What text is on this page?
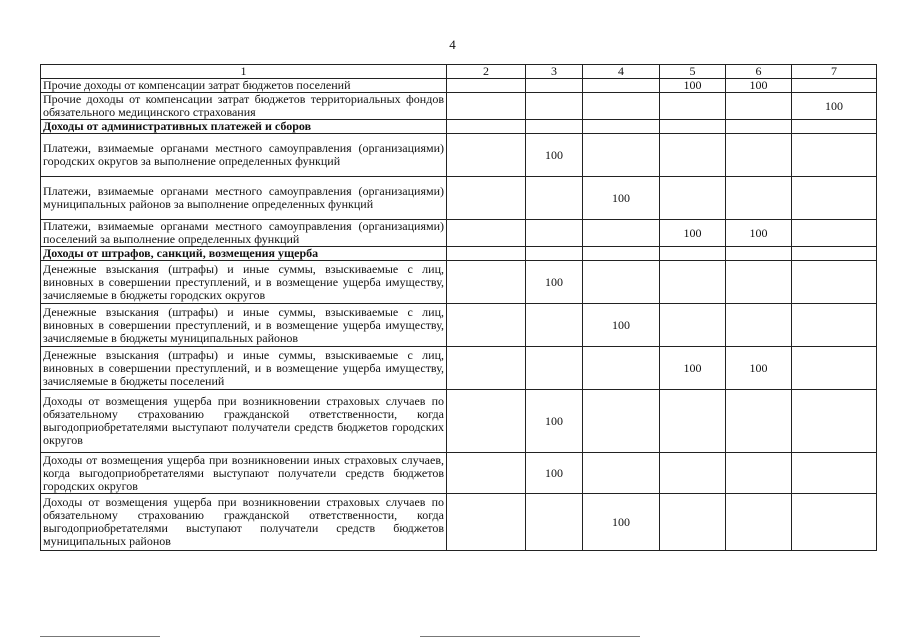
4
1	2	3	4	5	6	7
Прочие доходы от компенсации затрат бюджетов поселений				100	100	
Прочие доходы от компенсации затрат бюджетов территориальных фондов обязательного медицинского страхования						100
Доходы от административных платежей и сборов						
Платежи, взимаемые органами местного самоуправления (организациями) городских округов за выполнение определенных функций		100				
Платежи, взимаемые органами местного самоуправления (организациями) муниципальных районов за выполнение определенных функций			100			
Платежи, взимаемые органами местного самоуправления (организациями) поселений за выполнение определенных функций				100	100	
Доходы от штрафов, санкций, возмещения ущерба						
Денежные взыскания (штрафы) и иные суммы, взыскиваемые с лиц, виновных в совершении преступлений, и в возмещение ущерба имуществу, зачисляемые в бюджеты городских округов		100				
Денежные взыскания (штрафы) и иные суммы, взыскиваемые с лиц, виновных в совершении преступлений, и в возмещение ущерба имуществу, зачисляемые в бюджеты муниципальных районов			100			
Денежные взыскания (штрафы) и иные суммы, взыскиваемые с лиц, виновных в совершении преступлений, и в возмещение ущерба имуществу, зачисляемые в бюджеты поселений				100	100	
Доходы от возмещения ущерба при возникновении страховых случаев по обязательному страхованию гражданской ответственности, когда выгодоприобретателями выступают получатели средств бюджетов городских округов		100				
Доходы от возмещения ущерба при возникновении иных страховых случаев, когда выгодоприобретателями выступают получатели средств бюджетов городских округов		100				
Доходы от возмещения ущерба при возникновении страховых случаев по обязательному страхованию гражданской ответственности, когда выгодоприобретателями выступают получатели средств бюджетов муниципальных районов			100			
